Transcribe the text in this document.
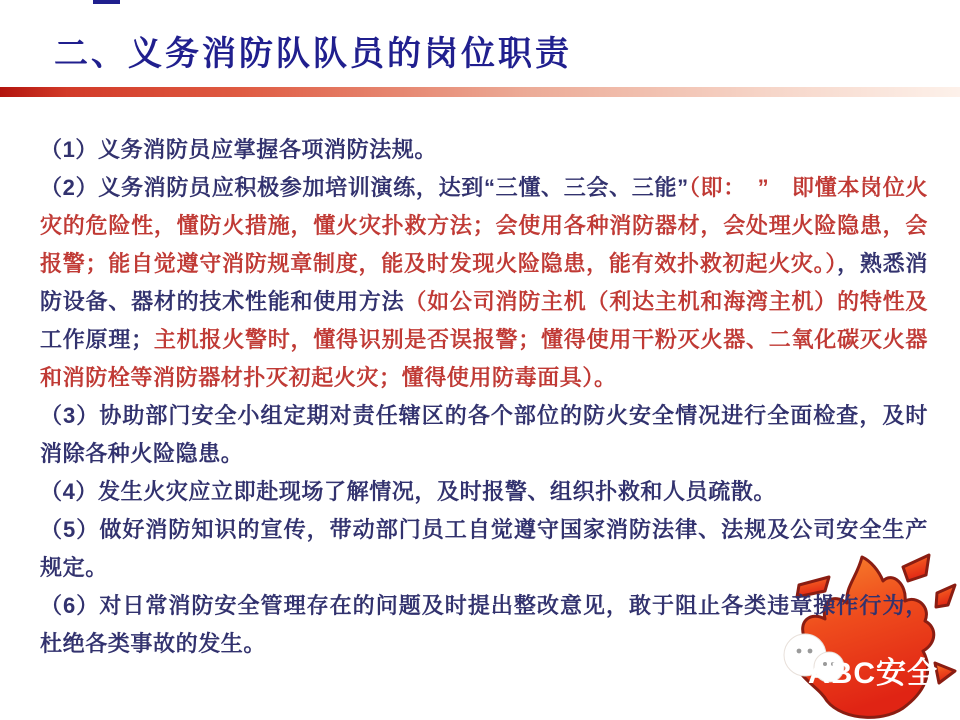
二、义务消防队队员的岗位职责

（1）义务消防员应掌握各项消防法规。

（2）义务消防员应积极参加培训演练，达到“三懂、三会、三能”（即：　”　即懂本岗位火灾的危险性，懂防火措施，懂火灾扑救方法；会使用各种消防器材，会处理火险隐患，会报警；能自觉遵守消防规章制度，能及时发现火险隐患，能有效扑救初起火灾。），熟悉消防设备、器材的技术性能和使用方法（如公司消防主机（利达主机和海湾主机）的特性及工作原理；主机报火警时，懂得识别是否误报警；懂得使用干粉灭火器、二氧化碳灭火器和消防栓等消防器材扑灭初起火灾；懂得使用防毒面具）。

（3）协助部门安全小组定期对责任辖区的各个部位的防火安全情况进行全面检查，及时消除各种火险隐患。

（4）发生火灾应立即赴现场了解情况，及时报警、组织扑救和人员疏散。

（5）做好消防知识的宣传，带动部门员工自觉遵守国家消防法律、法规及公司安全生产规定。

（6）对日常消防安全管理存在的问题及时提出整改意见，敢于阻止各类违章操作行为，杜绝各类事故的发生。

ABC安全
